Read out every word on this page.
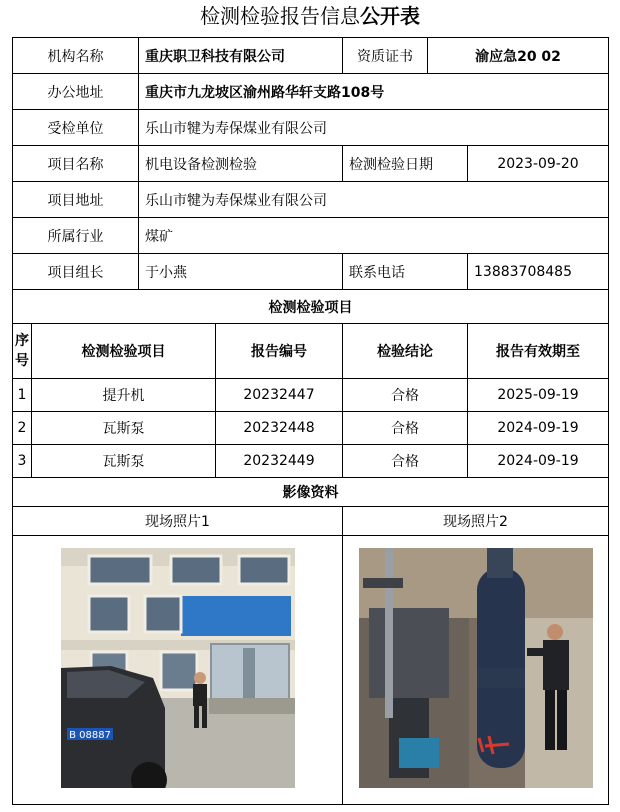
检测检验报告信息公开表
机构名称		重庆职卫科技有限公司		资质证书	渝应急20 02	
办公地址		重庆市九龙坡区渝州路华轩支路108号				
受检单位		乐山市犍为寿保煤业有限公司				
项目名称		机电设备检测检验		检测检验日期		2023-09-20
项目地址		乐山市犍为寿保煤业有限公司				
所属行业		煤矿				
项目组长		于小燕		联系电话		13883708485
检测检验项目						
序号	检测检验项目		报告编号	检验结论		报告有效期至
1	提升机		20232447	合格		2025-09-19
2	瓦斯泵		20232448	合格		2024-09-19
3	瓦斯泵		20232449	合格		2024-09-19
影像资料						
现场照片1				现场照片2		

B 08887
